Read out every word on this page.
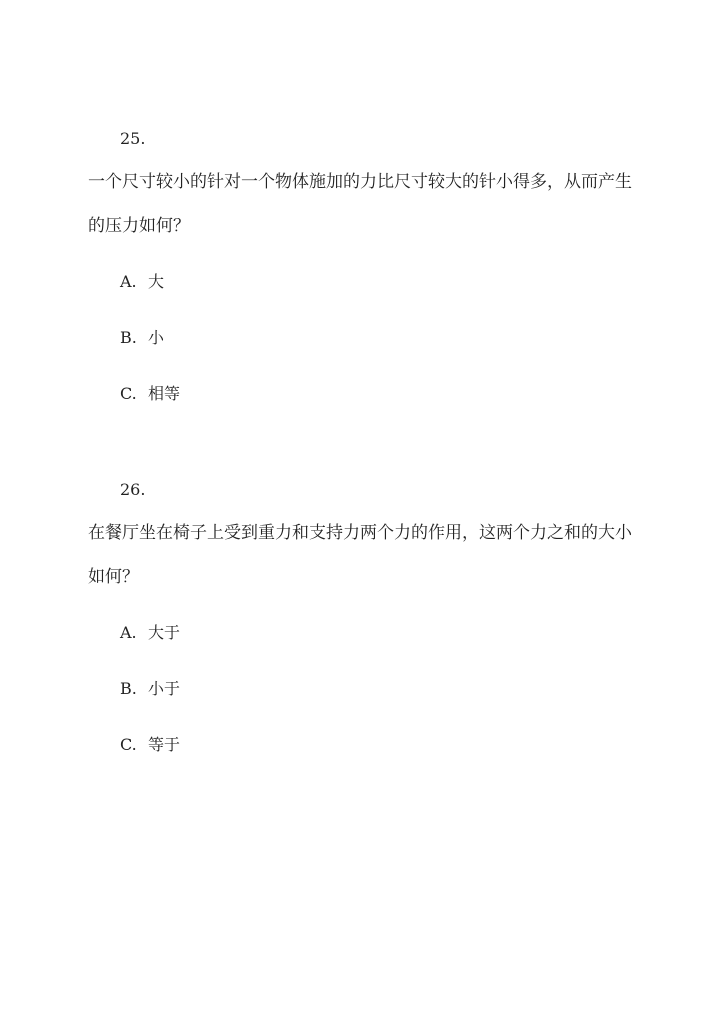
25.
一个尺寸较小的针对一个物体施加的力比尺寸较大的针小得多，从而产生
的压力如何？
A. 大
B. 小
C. 相等
26.
在餐厅坐在椅子上受到重力和支持力两个力的作用，这两个力之和的大小
如何？
A. 大于
B. 小于
C. 等于
